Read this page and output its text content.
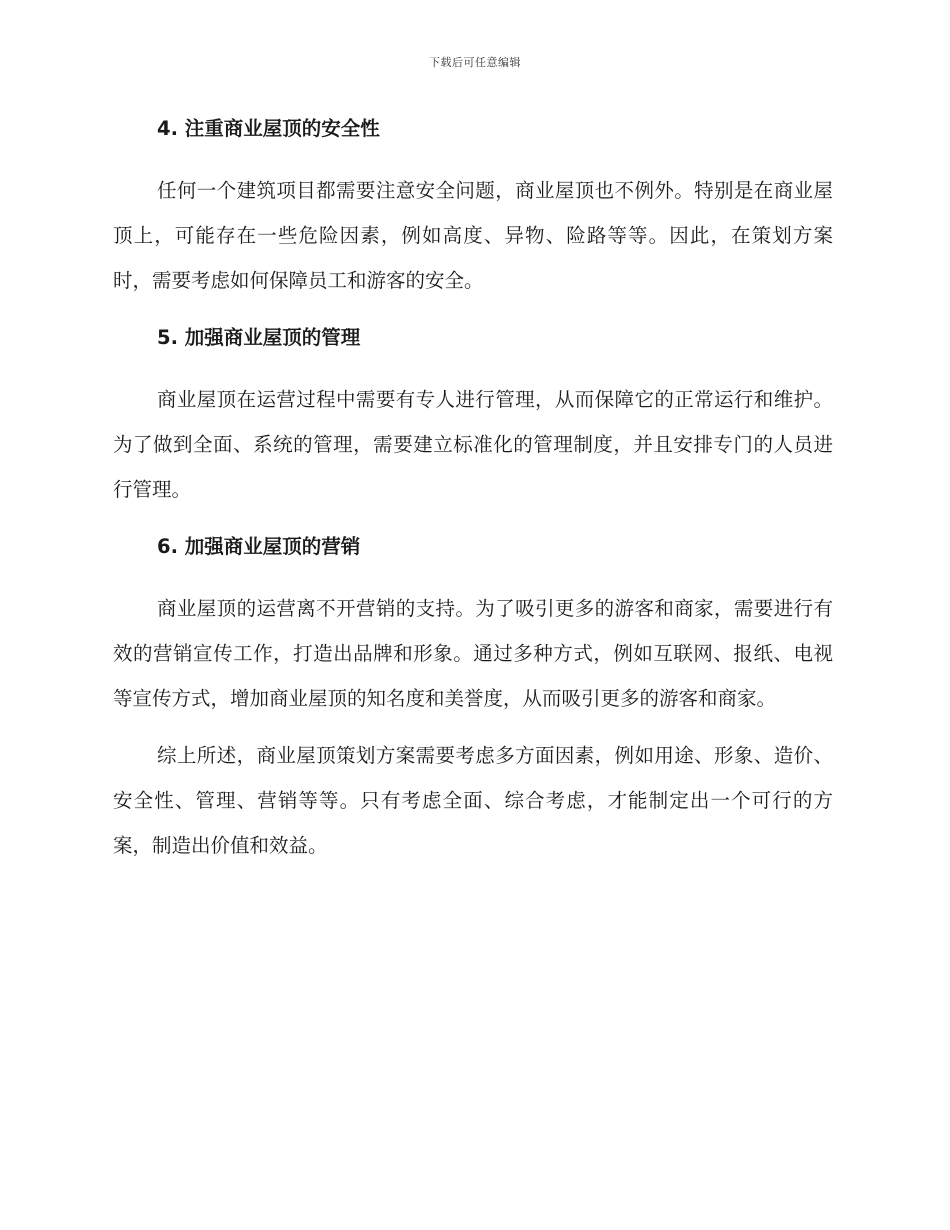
下载后可任意编辑
4. 注重商业屋顶的安全性

任何一个建筑项目都需要注意安全问题，商业屋顶也不例外。特别是在商业屋顶上，可能存在一些危险因素，例如高度、异物、险路等等。因此，在策划方案时，需要考虑如何保障员工和游客的安全。

5. 加强商业屋顶的管理

商业屋顶在运营过程中需要有专人进行管理，从而保障它的正常运行和维护。为了做到全面、系统的管理，需要建立标准化的管理制度，并且安排专门的人员进行管理。

6. 加强商业屋顶的营销

商业屋顶的运营离不开营销的支持。为了吸引更多的游客和商家，需要进行有效的营销宣传工作，打造出品牌和形象。通过多种方式，例如互联网、报纸、电视等宣传方式，增加商业屋顶的知名度和美誉度，从而吸引更多的游客和商家。

综上所述，商业屋顶策划方案需要考虑多方面因素，例如用途、形象、造价、安全性、管理、营销等等。只有考虑全面、综合考虑，才能制定出一个可行的方案，制造出价值和效益。
